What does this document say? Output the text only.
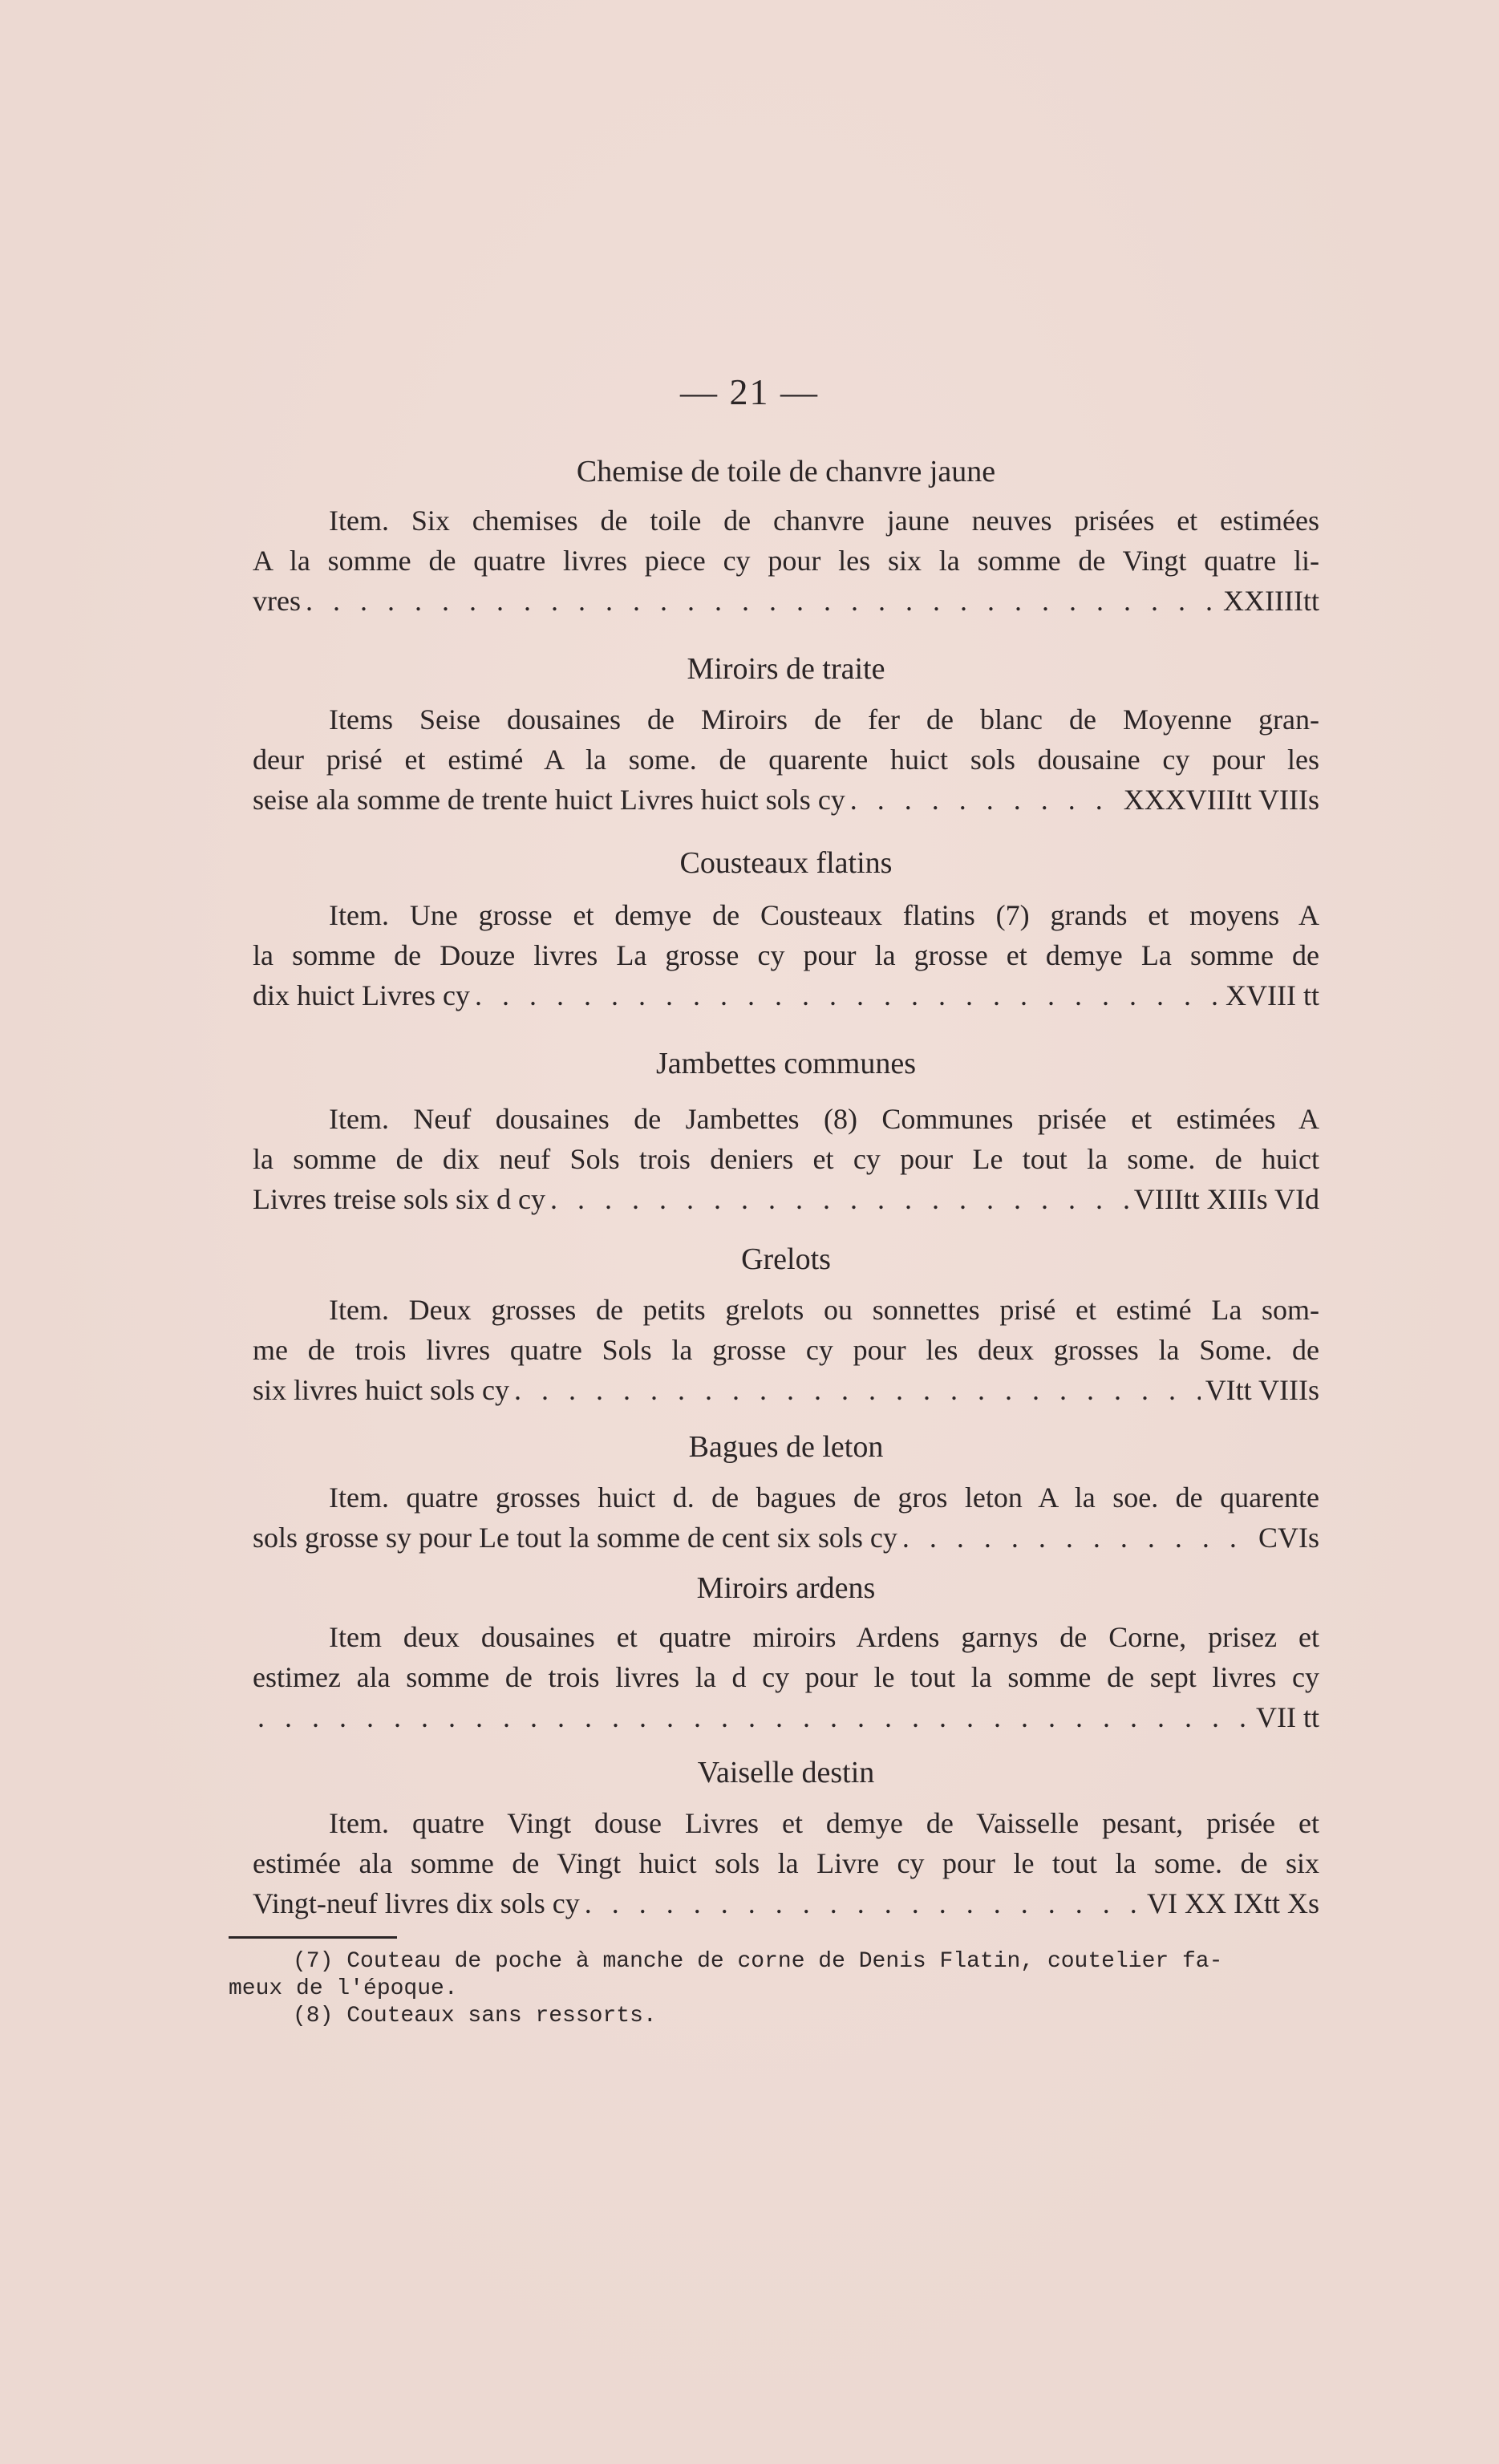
— 21 —
Chemise de toile de chanvre jaune
Item. Six chemises de toile de chanvre jaune neuves prisées et estimées
A la somme de quatre livres piece cy pour les six la somme de Vingt quatre li-
vres . . .	XXIIIItt
Miroirs de traite
Items Seise dousaines de Miroirs de fer de blanc de Moyenne gran-
deur prisé et estimé A la some. de quarente huict sols dousaine cy pour les
seise ala somme de trente huict Livres huict sols cy . . .	XXXVIIItt VIIIs
Cousteaux flatins
Item. Une grosse et demye de Cousteaux flatins (7) grands et moyens A
la somme de Douze livres La grosse cy pour la grosse et demye La somme de
dix huict Livres cy . . .	XVIII tt
Jambettes communes
Item. Neuf dousaines de Jambettes (8) Communes prisée et estimées A
la somme de dix neuf Sols trois deniers et cy pour Le tout la some. de huict
Livres treise sols six d cy . . .	VIIItt XIIIs VId
Grelots
Item. Deux grosses de petits grelots ou sonnettes prisé et estimé La som-
me de trois livres quatre Sols la grosse cy pour les deux grosses la Some. de
six livres huict sols cy . . .	VItt VIIIs
Bagues de leton
Item. quatre grosses huict d. de bagues de gros leton A la soe. de quarente
sols grosse sy pour Le tout la somme de cent six sols cy . . .	CVIs
Miroirs ardens
Item deux dousaines et quatre miroirs Ardens garnys de Corne, prisez et
estimez ala somme de trois livres la d cy pour le tout la somme de sept livres cy
. . .
VII tt
Vaiselle destin
Item. quatre Vingt douse Livres et demye de Vaisselle pesant, prisée et
estimée ala somme de Vingt huict sols la Livre cy pour le tout la some. de six
Vingt-neuf livres dix sols cy . . .	VI XX IXtt Xs
(7) Couteau de poche à manche de corne de Denis Flatin, coutelier fa-
meux de l'époque.
(8) Couteaux sans ressorts.
